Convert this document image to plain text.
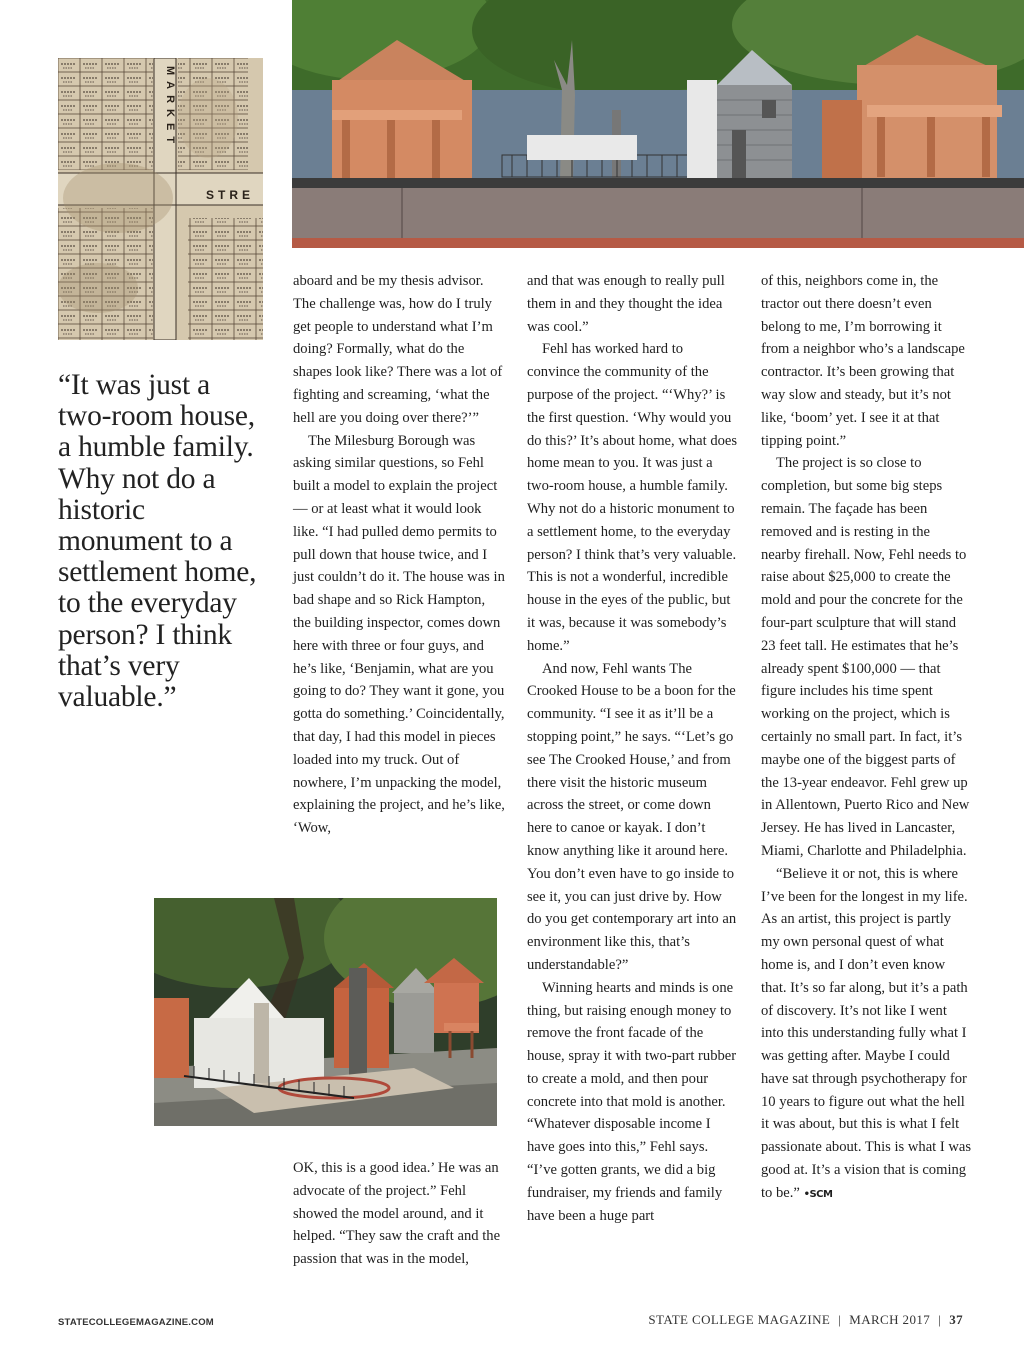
MARKET
STRE

“It was just a two-room house, a humble family. Why not do a historic monument to a settlement home, to the everyday person? I think that’s very valuable.”

aboard and be my thesis advisor. The challenge was, how do I truly get people to understand what I’m doing? Formally, what do the shapes look like? There was a lot of fighting and screaming, ‘what the hell are you doing over there?’”

The Milesburg Borough was asking similar questions, so Fehl built a model to explain the project — or at least what it would look like. “I had pulled demo permits to pull down that house twice, and I just couldn’t do it. The house was in bad shape and so Rick Hampton, the building inspector, comes down here with three or four guys, and he’s like, ‘Benjamin, what are you going to do? They want it gone, you gotta do something.’ Coincidentally, that day, I had this model in pieces loaded into my truck. Out of nowhere, I’m unpacking the model, explaining the project, and he’s like, ‘Wow,

OK, this is a good idea.’ He was an advocate of the project.” Fehl showed the model around, and it helped. “They saw the craft and the passion that was in the model,

and that was enough to really pull them in and they thought the idea was cool.”

Fehl has worked hard to convince the community of the purpose of the project. “‘Why?’ is the first question. ‘Why would you do this?’ It’s about home, what does home mean to you. It was just a two-room house, a humble family. Why not do a historic monument to a settlement home, to the everyday person? I think that’s very valuable. This is not a wonderful, incredible house in the eyes of the public, but it was, because it was somebody’s home.”

And now, Fehl wants The Crooked House to be a boon for the community. “I see it as it’ll be a stopping point,” he says. “‘Let’s go see The Crooked House,’ and from there visit the historic museum across the street, or come down here to canoe or kayak. I don’t know anything like it around here. You don’t even have to go inside to see it, you can just drive by. How do you get contemporary art into an environment like this, that’s understandable?”

Winning hearts and minds is one thing, but raising enough money to remove the front facade of the house, spray it with two-part rubber to create a mold, and then pour concrete into that mold is another. “Whatever disposable income I have goes into this,” Fehl says. “I’ve gotten grants, we did a big fundraiser, my friends and family have been a huge part

of this, neighbors come in, the tractor out there doesn’t even belong to me, I’m borrowing it from a neighbor who’s a landscape contractor. It’s been growing that way slow and steady, but it’s not like, ‘boom’ yet. I see it at that tipping point.”

The project is so close to completion, but some big steps remain. The façade has been removed and is resting in the nearby firehall. Now, Fehl needs to raise about $25,000 to create the mold and pour the concrete for the four-part sculpture that will stand 23 feet tall. He estimates that he’s already spent $100,000 — that figure includes his time spent working on the project, which is certainly no small part. In fact, it’s maybe one of the biggest parts of the 13-year endeavor. Fehl grew up in Allentown, Puerto Rico and New Jersey. He has lived in Lancaster, Miami, Charlotte and Philadelphia.

“Believe it or not, this is where I’ve been for the longest in my life. As an artist, this project is partly my own personal quest of what home is, and I don’t even know that. It’s so far along, but it’s a path of discovery. It’s not like I went into this understanding fully what I was getting after. Maybe I could have sat through psychotherapy for 10 years to figure out what the hell it was about, but this is what I felt passionate about. This is what I was good at. It’s a vision that is coming to be.” •SCM

STATECOLLEGEMAGAZINE.COM	STATE COLLEGE MAGAZINE | MARCH 2017 | 37
